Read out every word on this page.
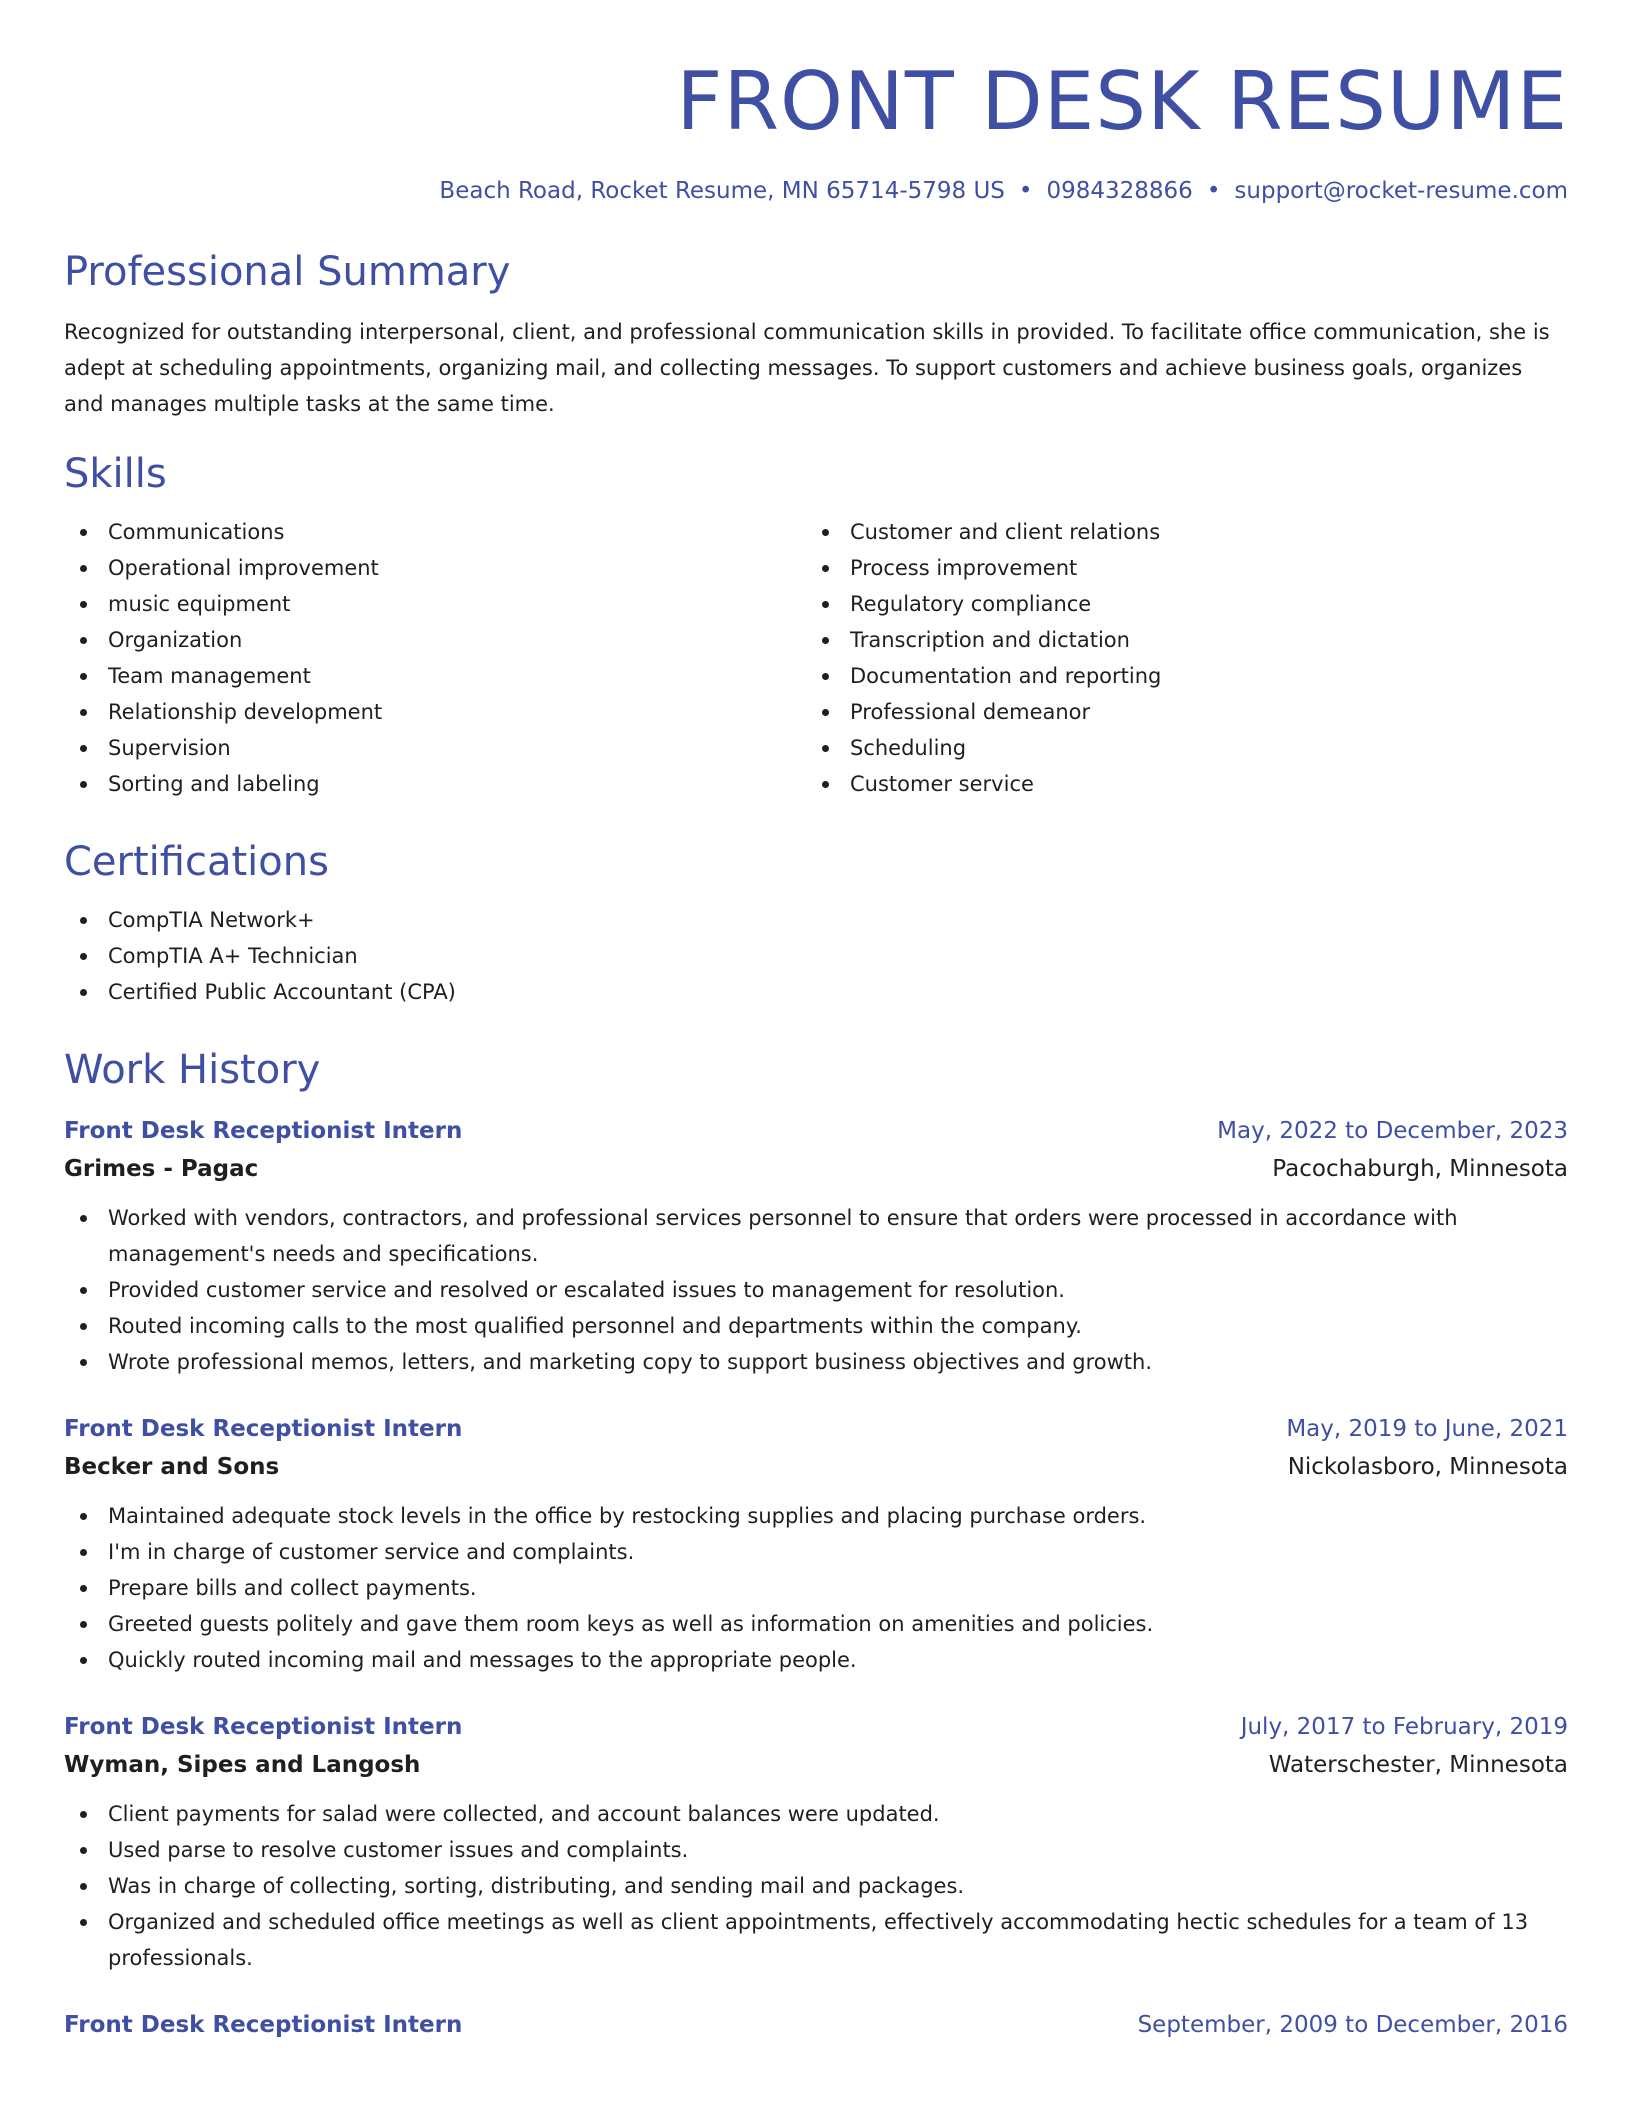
FRONT DESK RESUME
Beach Road, Rocket Resume, MN 65714-5798 US • 0984328866 • support@rocket-resume.com
Professional Summary

Recognized for outstanding interpersonal, client, and professional communication skills in provided. To facilitate office communication, she is adept at scheduling appointments, organizing mail, and collecting messages. To support customers and achieve business goals, organizes and manages multiple tasks at the same time.

Skills
Communications
Operational improvement
music equipment
Organization
Team management
Relationship development
Supervision
Sorting and labeling
Customer and client relations
Process improvement
Regulatory compliance
Transcription and dictation
Documentation and reporting
Professional demeanor
Scheduling
Customer service
Certifications
CompTIA Network+
CompTIA A+ Technician
Certified Public Accountant (CPA)
Work History
Front Desk Receptionist Intern	May, 2022 to December, 2023
Grimes - Pagac	Pacochaburgh, Minnesota
Worked with vendors, contractors, and professional services personnel to ensure that orders were processed in accordance with management's needs and specifications.
Provided customer service and resolved or escalated issues to management for resolution.
Routed incoming calls to the most qualified personnel and departments within the company.
Wrote professional memos, letters, and marketing copy to support business objectives and growth.
Front Desk Receptionist Intern	May, 2019 to June, 2021
Becker and Sons	Nickolasboro, Minnesota
Maintained adequate stock levels in the office by restocking supplies and placing purchase orders.
I'm in charge of customer service and complaints.
Prepare bills and collect payments.
Greeted guests politely and gave them room keys as well as information on amenities and policies.
Quickly routed incoming mail and messages to the appropriate people.
Front Desk Receptionist Intern	July, 2017 to February, 2019
Wyman, Sipes and Langosh	Waterschester, Minnesota
Client payments for salad were collected, and account balances were updated.
Used parse to resolve customer issues and complaints.
Was in charge of collecting, sorting, distributing, and sending mail and packages.
Organized and scheduled office meetings as well as client appointments, effectively accommodating hectic schedules for a team of 13 professionals.
Front Desk Receptionist Intern	September, 2009 to December, 2016
